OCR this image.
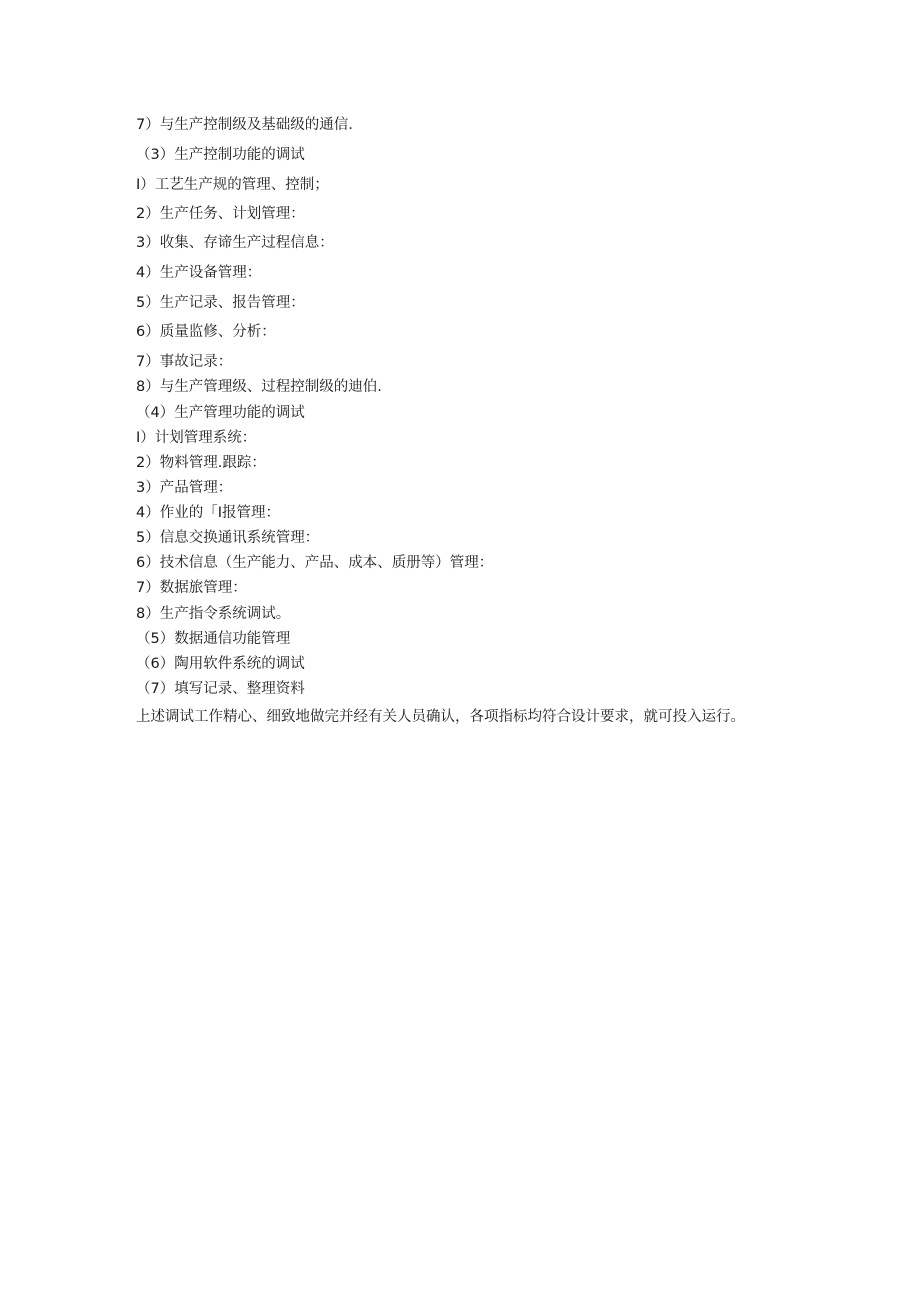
7）与生产控制级及基础级的通信.
（3）生产控制功能的调试
I）工艺生产规的管理、控制；
2）生产任务、计划管理：
3）收集、存谛生产过程信息：
4）生产设备管理：
5）生产记录、报告管理：
6）质量监修、分析：
7）事故记录：
8）与生产管理级、过程控制级的迪伯.
（4）生产管理功能的调试
I）计划管理系统：
2）物料管理.跟踪：
3）产品管理：
4）作业的「I报管理：
5）信息交换通讯系统管理：
6）技术信息（生产能力、产品、成本、质册等）管理：
7）数据旅管理：
8）生产指令系统调试。
（5）数据通信功能管理
（6）陶用软件系统的调试
（7）填写记录、整理资料
上述调试工作精心、细致地做完并经有关人员确认，各项指标均符合设计要求，就可投入运行。
